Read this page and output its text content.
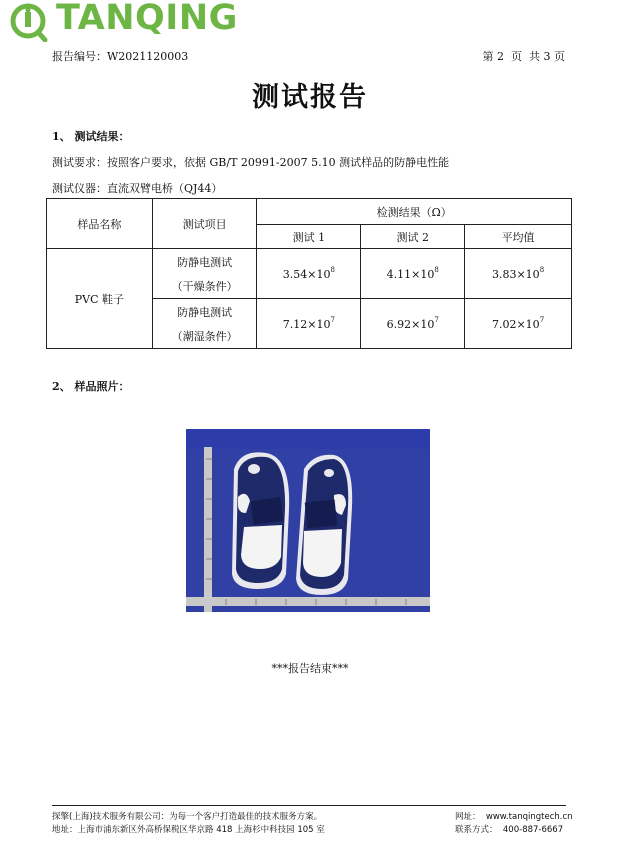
TANQING
报告编号：W2021120003	第 2  页  共 3 页
测试报告
1、 测试结果：
测试要求：按照客户要求，依据 GB/T 20991-2007 5.10 测试样品的防静电性能
测试仪器：直流双臂电桥（QJ44）
样品名称	测试项目	检测结果（Ω）		
		测试 1	测试 2	平均值
PVC 鞋子	防静电测试
（干燥条件）	$3.54\times 10^8$	$4.11\times 10^8$	$3.83\times 10^8$

	防静电测试
（潮湿条件）	$7.12\times 10^7$	$6.92\times 10^7$	$7.02\times 10^7$
2、 样品照片：
***报告结束***
探擎(上海)技术服务有限公司：为每一个客户打造最佳的技术服务方案。
地址：上海市浦东新区外高桥保税区华京路 418 上海杉中科技园 105 室
网址：  www.tanqingtech.cn
联系方式：  400-887-6667
